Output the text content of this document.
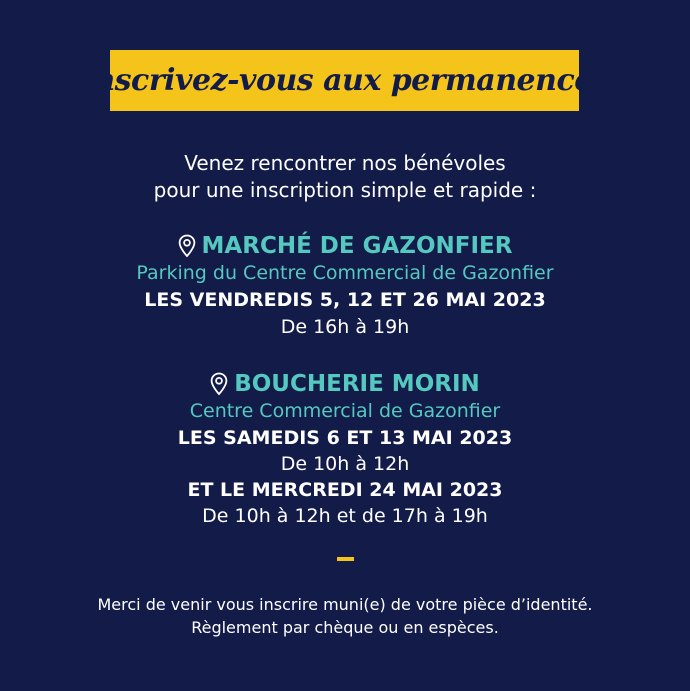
Inscrivez-vous aux permanences
Venez rencontrer nos bénévoles
pour une inscription simple et rapide :
MARCHÉ DE GAZONFIER
Parking du Centre Commercial de Gazonfier
LES VENDREDIS 5, 12 ET 26 MAI 2023
De 16h à 19h
BOUCHERIE MORIN
Centre Commercial de Gazonfier
LES SAMEDIS 6 ET 13 MAI 2023
De 10h à 12h
ET LE MERCREDI 24 MAI 2023
De 10h à 12h et de 17h à 19h
Merci de venir vous inscrire muni(e) de votre pièce d’identité.
Règlement par chèque ou en espèces.
